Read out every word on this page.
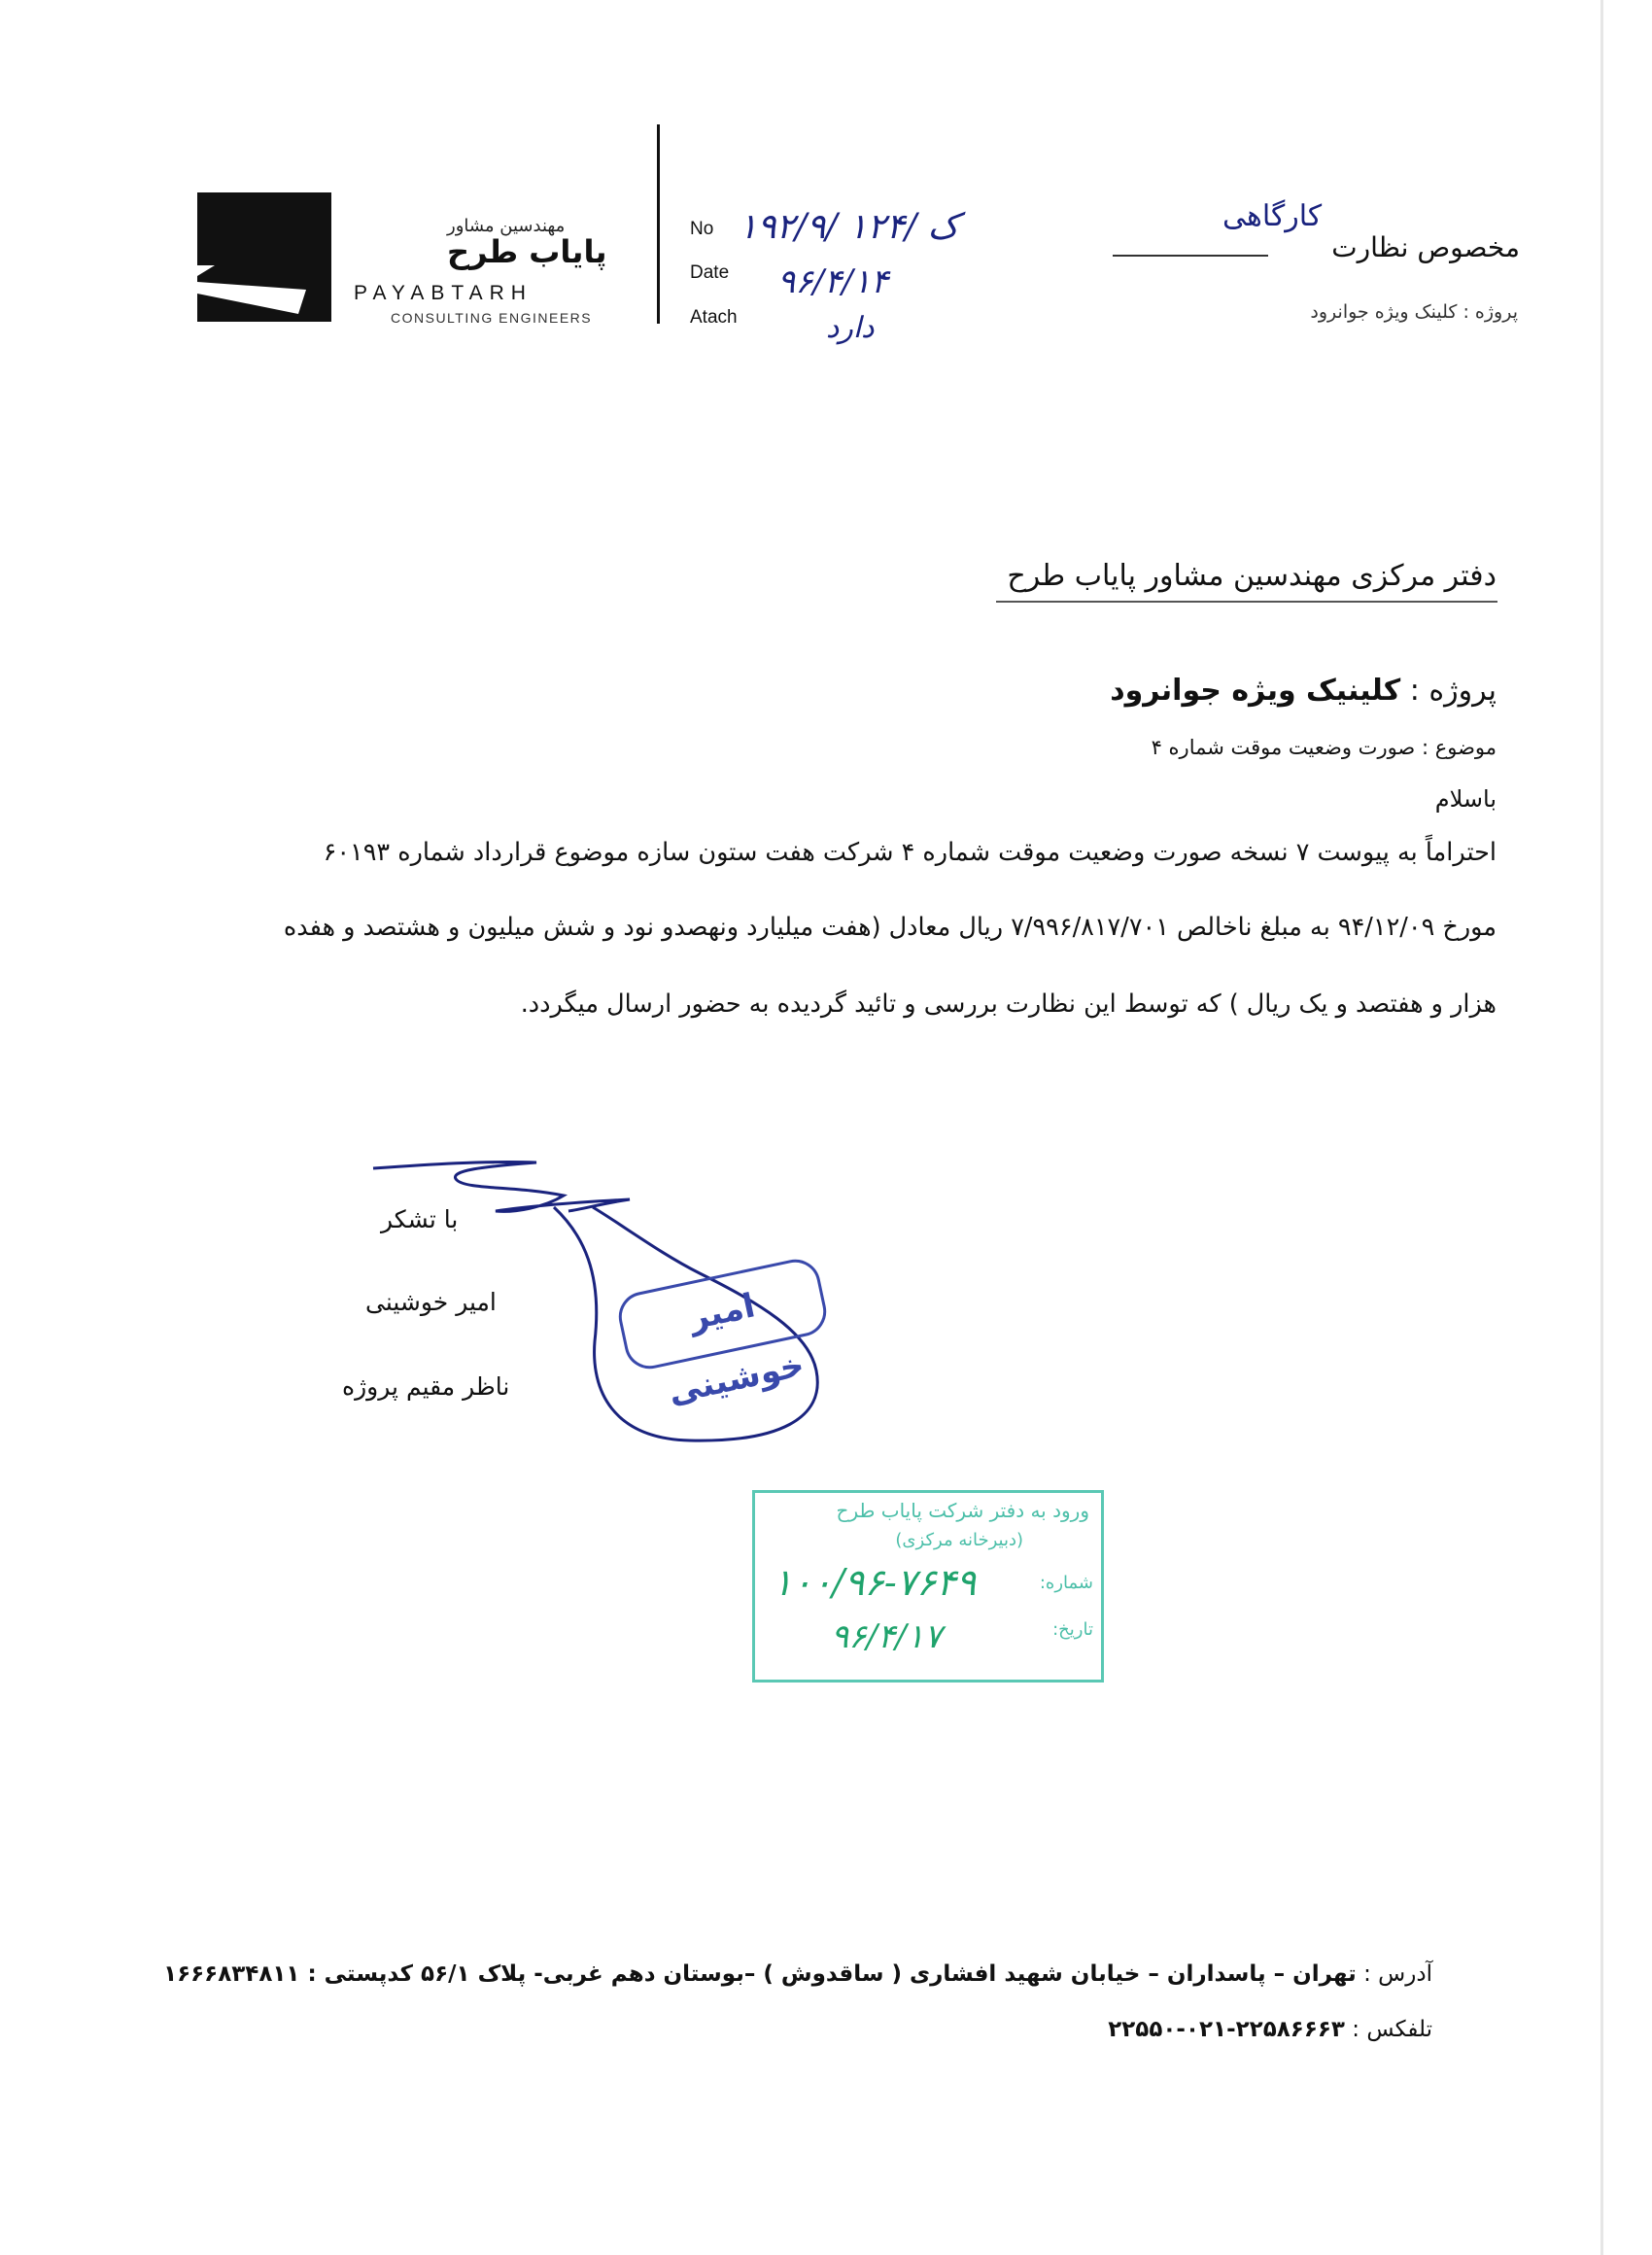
مهندسین مشاور
پایاب طرح
PAYABTARH
CONSULTING ENGINEERS
No ۱۹۲/۹/ ک /۱۲۴
Date ۹۶/۴/۱۴
Atach	دارد
مخصوص نظارت
کارگاهی
پروژه : کلینک ویژه جوانرود
دفتر مرکزی مهندسین مشاور پایاب طرح
پروژه : کلینیک ویژه جوانرود
موضوع : صورت وضعیت موقت شماره ۴
باسلام
احتراماً به پیوست ۷ نسخه صورت وضعیت موقت شماره ۴ شرکت هفت ستون سازه موضوع قرارداد شماره ۶۰۱۹۳
مورخ ۹۴/۱۲/۰۹ به مبلغ ناخالص ۷/۹۹۶/۸۱۷/۷۰۱ ریال معادل (هفت میلیارد ونهصدو نود و شش میلیون و هشتصد و هفده
هزار و هفتصد و یک ریال ) که توسط این نظارت بررسی و تائید گردیده به حضور ارسال میگردد.
امیر خوشینی
با تشکر
امیر خوشینی
ناظر مقیم پروژه
ورود به دفتر شرکت پایاب طرح
(دبیرخانه مرکزی)
شماره:
۱۰۰/۹۶-۷۶۴۹
تاریخ:
۹۶/۴/۱۷
آدرس : تهران – پاسداران – خیابان شهید افشاری ( ساقدوش ) –بوستان دهم غربی- پلاک ۵۶/۱ کدپستی : ۱۶۶۶۸۳۴۸۱۱
تلفکس : ۲۲۵۸۶۶۶۳-۰۲۱-۲۲۵۵۰
